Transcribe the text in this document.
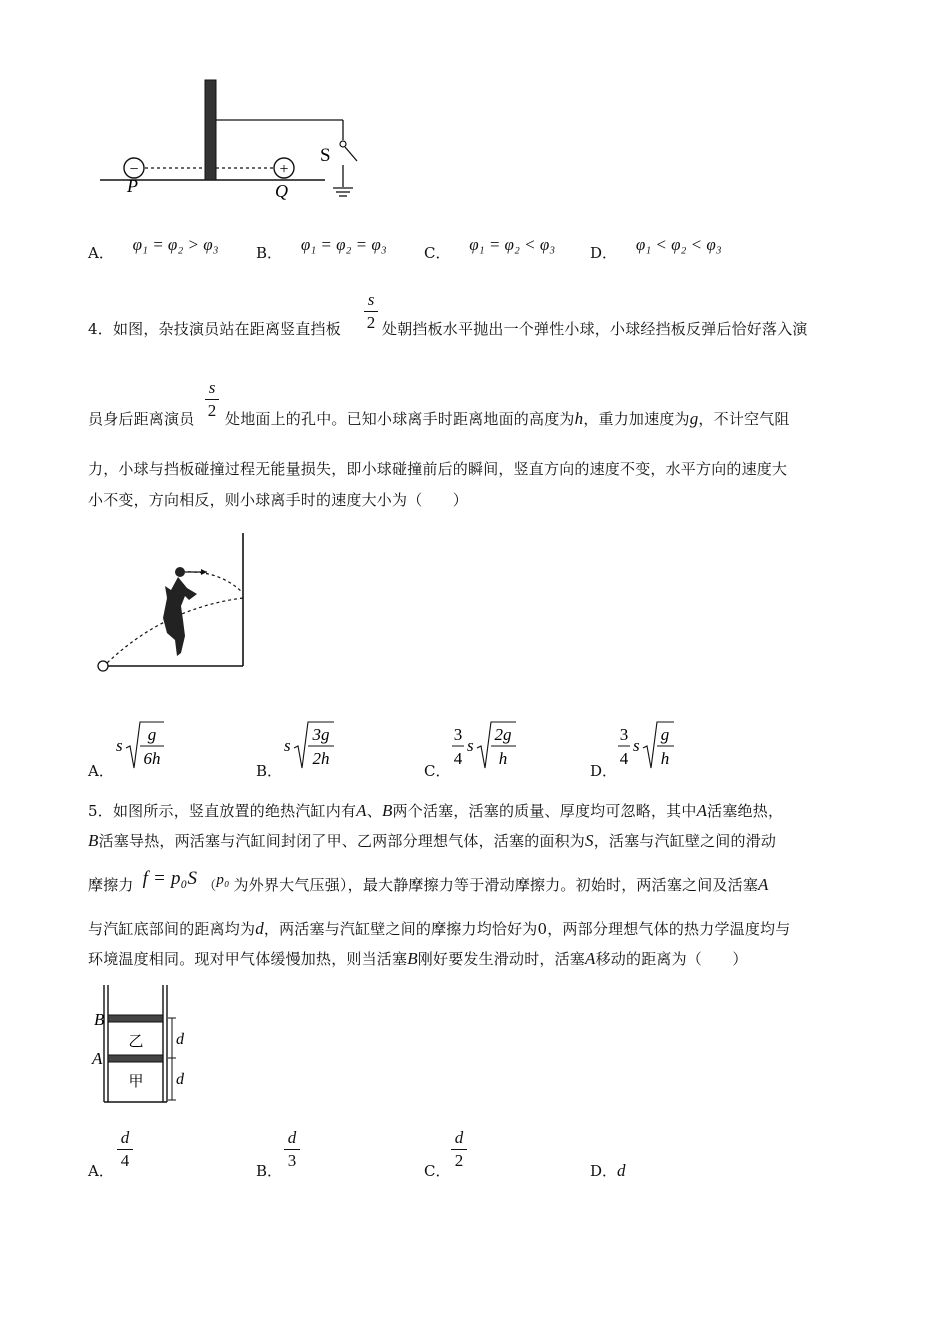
S
−	+
P	Q
A． φ₁ = φ₂ > φ₃ B． φ₁ = φ₂ = φ₃ C． φ₁ = φ₂ < φ₃ D． φ₁ < φ₂ < φ₃
4．如图，杂技演员站在距离竖直挡板
s
2 处朝挡板水平抛出一个弹性小球，小球经挡板反弹后恰好落入演
员身后距离演员
s
2 处地面上的孔中。已知小球离手时距离地面的高度为h，重力加速度为g，不计空气阻
力，小球与挡板碰撞过程无能量损失，即小球碰撞前后的瞬间，竖直方向的速度不变，水平方向的速度大
小不变，方向相反，则小球离手时的速度大小为（　　）
A．	B．	C．	D．
s
g
6h
s
3g
2h
3
4
s
2g
h
3
4
s
g
h
5．如图所示，竖直放置的绝热汽缸内有A、B两个活塞，活塞的质量、厚度均可忽略，其中A活塞绝热，
B活塞导热，两活塞与汽缸间封闭了甲、乙两部分理想气体，活塞的面积为S，活塞与汽缸壁之间的滑动
摩擦力 f = p₀S （p₀ 为外界大气压强），最大静摩擦力等于滑动摩擦力。初始时，两活塞之间及活塞A
与汽缸底部间的距离均为d，两活塞与汽缸壁之间的摩擦力均恰好为0，两部分理想气体的热力学温度均与
环境温度相同。现对甲气体缓慢加热，则当活塞B刚好要发生滑动时，活塞A移动的距离为（　　）
B
A
乙
甲
d
d
A．
d
4
B．
d
3
C．
d
2
D．d
